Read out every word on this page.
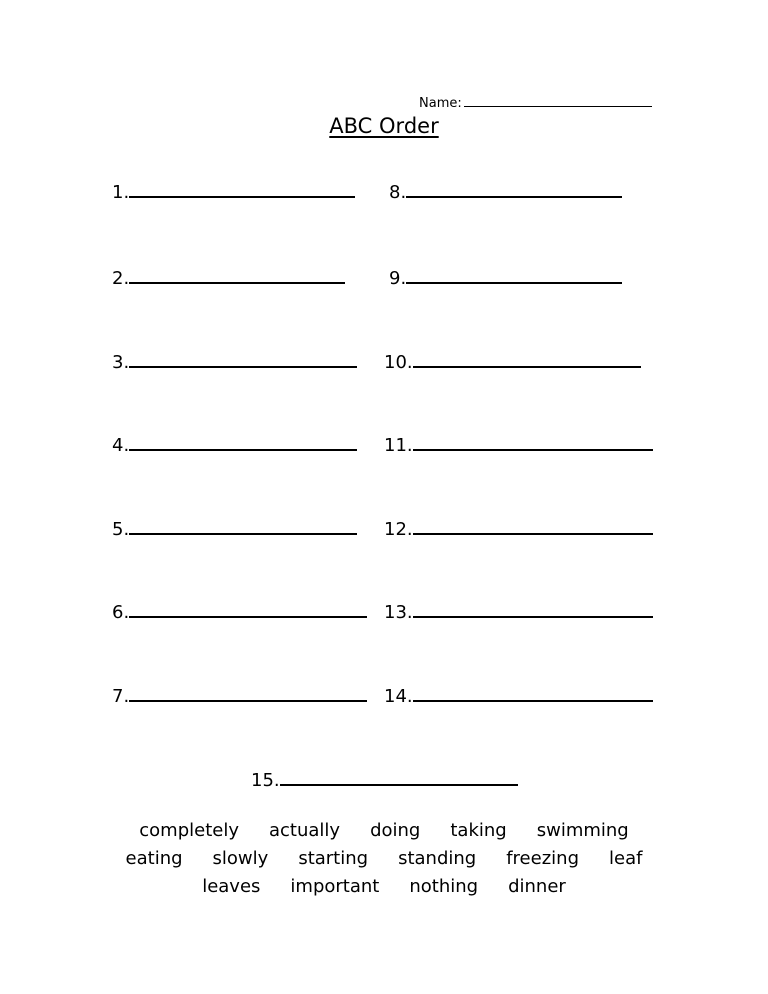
Name:
ABC Order
1.
2.
3.
4.
5.
6.
7.
8.
9.
10.
11.
12.
13.
14.
15.
completely actually doing taking swimming
eating slowly starting standing freezing leaf
leaves important nothing dinner
